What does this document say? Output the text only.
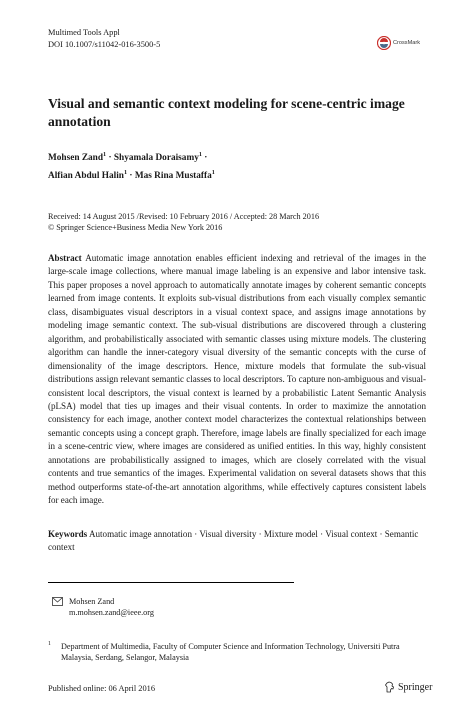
Multimed Tools Appl
DOI 10.1007/s11042-016-3500-5	CrossMark
Visual and semantic context modeling for scene-centric image annotation
Mohsen Zand$^1$ · Shyamala Doraisamy$^1$ ·
Alfian Abdul Halin$^1$ · Mas Rina Mustaffa$^1$
Received: 14 August 2015 /Revised: 10 February 2016 / Accepted: 28 March 2016
© Springer Science+Business Media New York 2016

Abstract Automatic image annotation enables efficient indexing and retrieval of the images in the large-scale image collections, where manual image labeling is an expensive and labor intensive task. This paper proposes a novel approach to automatically annotate images by coherent semantic concepts learned from image contents. It exploits sub-visual distributions from each visually complex semantic class, disambiguates visual descriptors in a visual context space, and assigns image annotations by modeling image semantic context. The sub-visual distributions are discovered through a clustering algorithm, and probabilistically associated with semantic classes using mixture models. The clustering algorithm can handle the inner-category visual diversity of the semantic concepts with the curse of dimensionality of the image descriptors. Hence, mixture models that formulate the sub-visual distributions assign relevant semantic classes to local descriptors. To capture non-ambiguous and visual-consistent local descriptors, the visual context is learned by a probabilistic Latent Semantic Analysis (pLSA) model that ties up images and their visual contents. In order to maximize the annotation consistency for each image, another context model characterizes the contextual relationships between semantic concepts using a concept graph. Therefore, image labels are finally specialized for each image in a scene-centric view, where images are considered as unified entities. In this way, highly consistent annotations are probabilistically assigned to images, which are closely correlated with the visual contents and true semantics of the images. Experimental validation on several datasets shows that this method outperforms state-of-the-art annotation algorithms, while effectively captures consistent labels for each image.

Keywords Automatic image annotation · Visual diversity · Mixture model · Visual context · Semantic context
Mohsen Zand
m.mohsen.zand@ieee.org
1 Department of Multimedia, Faculty of Computer Science and Information Technology, Universiti Putra Malaysia, Serdang, Selangor, Malaysia
Published online: 06 April 2016	Springer
